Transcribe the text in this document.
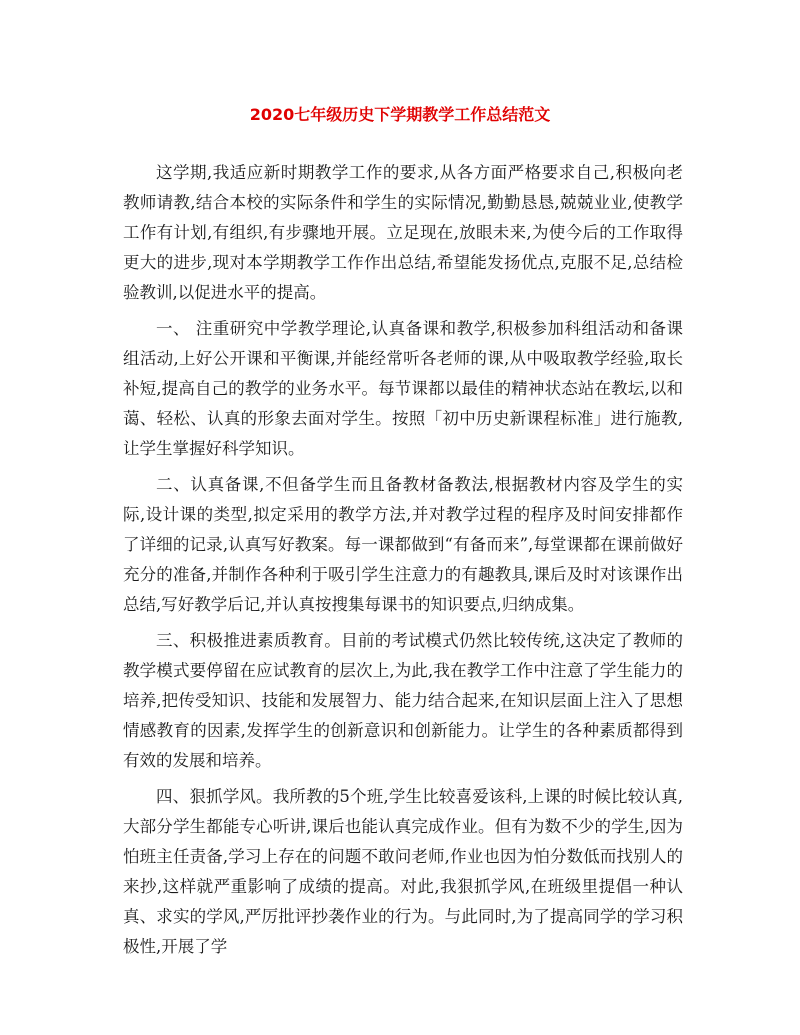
2020七年级历史下学期教学工作总结范文

这学期,我适应新时期教学工作的要求,从各方面严格要求自己,积极向老教师请教,结合本校的实际条件和学生的实际情况,勤勤恳恳,兢兢业业,使教学工作有计划,有组织,有步骤地开展。立足现在,放眼未来,为使今后的工作取得更大的进步,现对本学期教学工作作出总结,希望能发扬优点,克服不足,总结检验教训,以促进水平的提高。

一、 注重研究中学教学理论,认真备课和教学,积极参加科组活动和备课组活动,上好公开课和平衡课,并能经常听各老师的课,从中吸取教学经验,取长补短,提高自己的教学的业务水平。每节课都以最佳的精神状态站在教坛,以和蔼、轻松、认真的形象去面对学生。按照「初中历史新课程标准」进行施教,让学生掌握好科学知识。

二、认真备课,不但备学生而且备教材备教法,根据教材内容及学生的实际,设计课的类型,拟定采用的教学方法,并对教学过程的程序及时间安排都作了详细的记录,认真写好教案。每一课都做到“有备而来”,每堂课都在课前做好充分的准备,并制作各种利于吸引学生注意力的有趣教具,课后及时对该课作出总结,写好教学后记,并认真按搜集每课书的知识要点,归纳成集。

三、积极推进素质教育。目前的考试模式仍然比较传统,这决定了教师的教学模式要停留在应试教育的层次上,为此,我在教学工作中注意了学生能力的培养,把传受知识、技能和发展智力、能力结合起来,在知识层面上注入了思想情感教育的因素,发挥学生的创新意识和创新能力。让学生的各种素质都得到有效的发展和培养。

四、狠抓学风。我所教的5个班,学生比较喜爱该科,上课的时候比较认真,大部分学生都能专心听讲,课后也能认真完成作业。但有为数不少的学生,因为怕班主任责备,学习上存在的问题不敢问老师,作业也因为怕分数低而找别人的来抄,这样就严重影响了成绩的提高。对此,我狠抓学风,在班级里提倡一种认真、求实的学风,严厉批评抄袭作业的行为。与此同时,为了提高同学的学习积极性,开展了学
